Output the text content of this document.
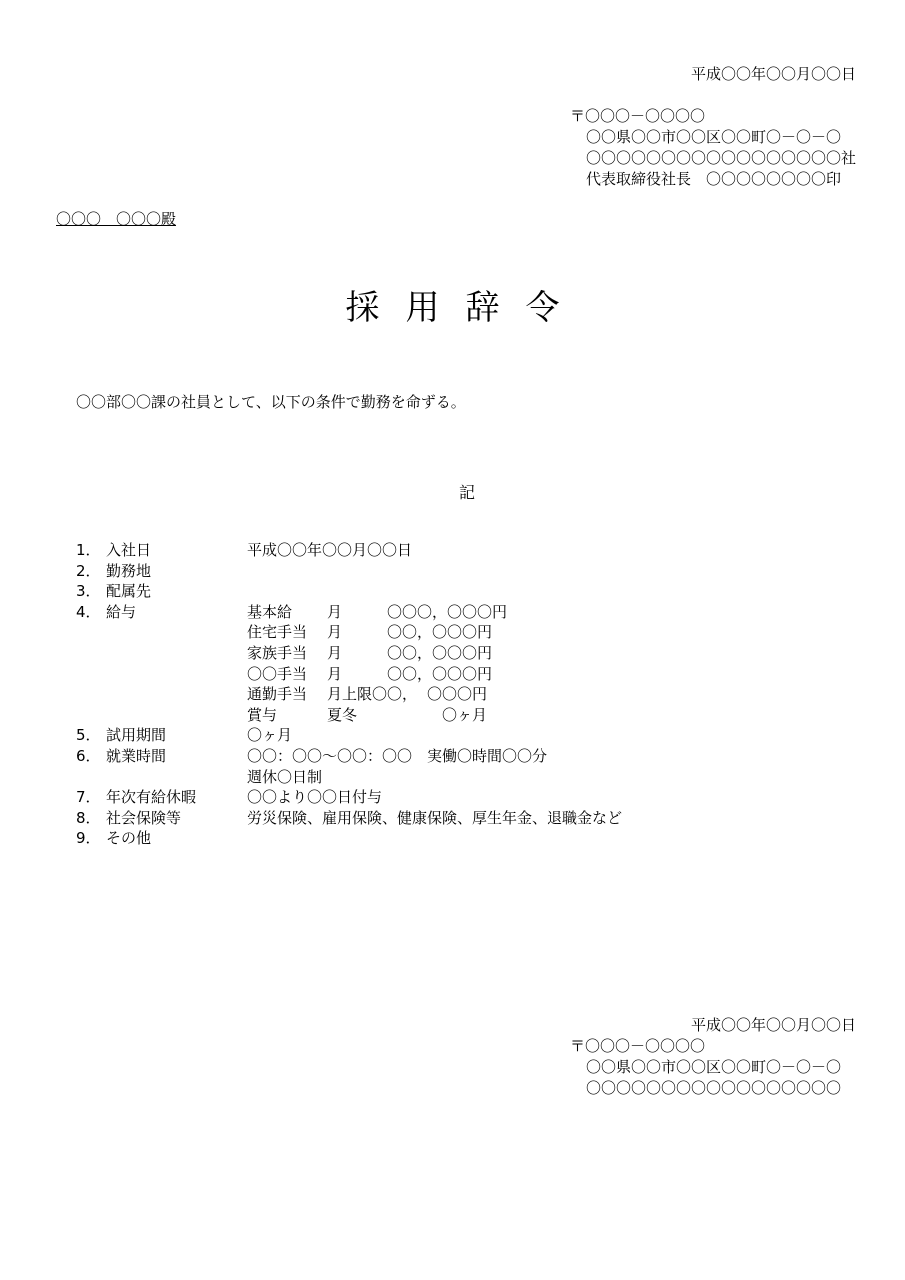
平成〇〇年〇〇月〇〇日
〒〇〇〇－〇〇〇〇
〇〇県〇〇市〇〇区〇〇町〇－〇－〇
〇〇〇〇〇〇〇〇〇〇〇〇〇〇〇〇〇社
代表取締役社長　〇〇〇〇〇〇〇〇印
〇〇〇　〇〇〇殿
採用辞令
〇〇部〇〇課の社員として、以下の条件で勤務を命ずる。
記
1． 入社日	平成〇〇年〇〇月〇〇日
2． 勤務地
3． 配属先
4． 給与	基本給	月	〇〇〇，〇〇〇円
住宅手当	月	〇〇，〇〇〇円
家族手当	月	〇〇，〇〇〇円
〇〇手当	月	〇〇，〇〇〇円
通勤手当	月上限〇〇， 〇〇〇円
賞与	夏冬	〇ヶ月
5． 試用期間	〇ヶ月
6． 就業時間	〇〇：〇〇～〇〇：〇〇　実働〇時間〇〇分
週休〇日制
7． 年次有給休暇	〇〇より〇〇日付与
8． 社会保険等	労災保険、雇用保険、健康保険、厚生年金、退職金など
9． その他
平成〇〇年〇〇月〇〇日
〒〇〇〇－〇〇〇〇
〇〇県〇〇市〇〇区〇〇町〇－〇－〇
〇〇〇〇〇〇〇〇〇〇〇〇〇〇〇〇〇
